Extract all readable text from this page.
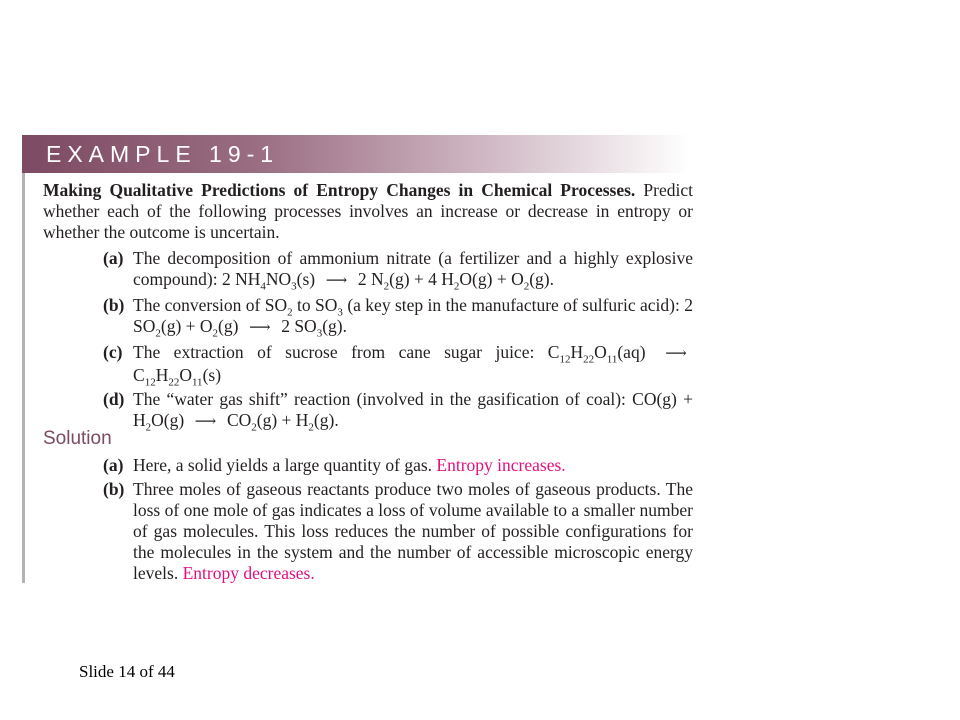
EXAMPLE 19-1
Making Qualitative Predictions of Entropy Changes in Chemical Processes. Predict whether each of the following processes involves an increase or decrease in entropy or whether the outcome is uncertain.
(a) The decomposition of ammonium nitrate (a fertilizer and a highly explosive compound): 2 $NH_4NO_3(s)$ ⟶ 2 $N_2(g) + 4$ $H_2O(g) + O_2(g)$.
(b) The conversion of $SO_2$ to $SO_3$ (a key step in the manufacture of sulfuric acid): 2 $SO_2(g) + O_2(g)$ ⟶ 2 $SO_3(g)$.
(c) The extraction of sucrose from cane sugar juice: $C_{12}H_{22}O_{11}(aq)$ ⟶ $C_{12}H_{22}O_{11}(s)$
(d) The “water gas shift” reaction (involved in the gasification of coal): $CO(g) + H_2O(g)$ ⟶ $CO_2(g) + H_2(g)$.
Solution
(a) Here, a solid yields a large quantity of gas. Entropy increases.
(b) Three moles of gaseous reactants produce two moles of gaseous products. The loss of one mole of gas indicates a loss of volume available to a smaller number of gas molecules. This loss reduces the number of possible configurations for the molecules in the system and the number of accessible microscopic energy levels. Entropy decreases.
Slide 14 of 44
